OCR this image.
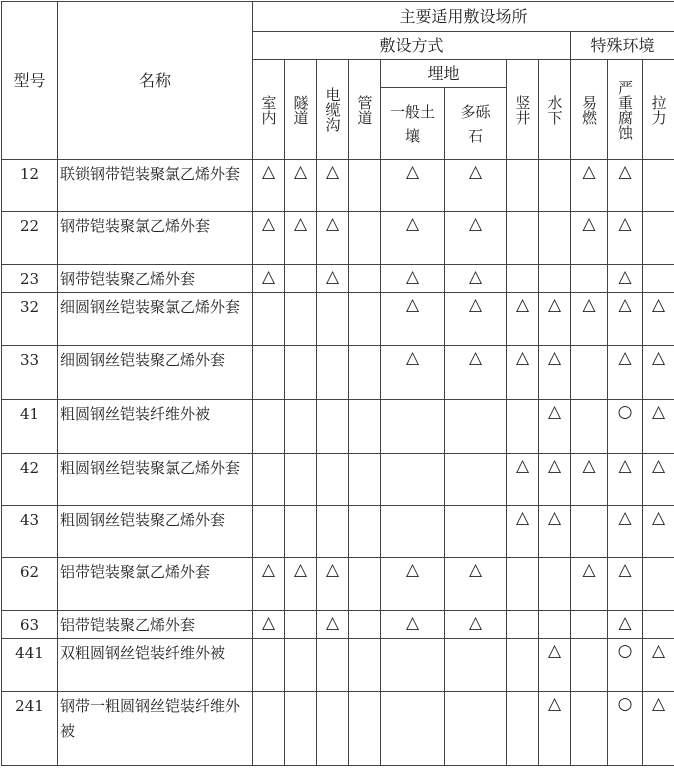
型号	名称	主要适用敷设场所										
		敷设方式								特殊环境		
		室内	隧道	电缆沟	管道	埋地		竖井	水下	易燃	严重腐蚀	拉力
						一般土壤	多砾石					
12	联锁钢带铠装聚氯乙烯外套	△	△	△		△	△			△	△	
22	钢带铠装聚氯乙烯外套	△	△	△		△	△			△	△	
23	钢带铠装聚乙烯外套	△		△		△	△				△	
32	细圆钢丝铠装聚氯乙烯外套					△	△	△	△	△	△	△
33	细圆钢丝铠装聚乙烯外套					△	△	△	△		△	△
41	粗圆钢丝铠装纤维外被								△		○	△
42	粗圆钢丝铠装聚氯乙烯外套							△	△	△	△	△
43	粗圆钢丝铠装聚乙烯外套							△	△		△	△
62	铝带铠装聚氯乙烯外套	△	△	△		△	△			△	△	
63	铝带铠装聚乙烯外套	△		△		△	△				△	
441	双粗圆钢丝铠装纤维外被								△		○	△
241	钢带一粗圆钢丝铠装纤维外被								△		○	△
